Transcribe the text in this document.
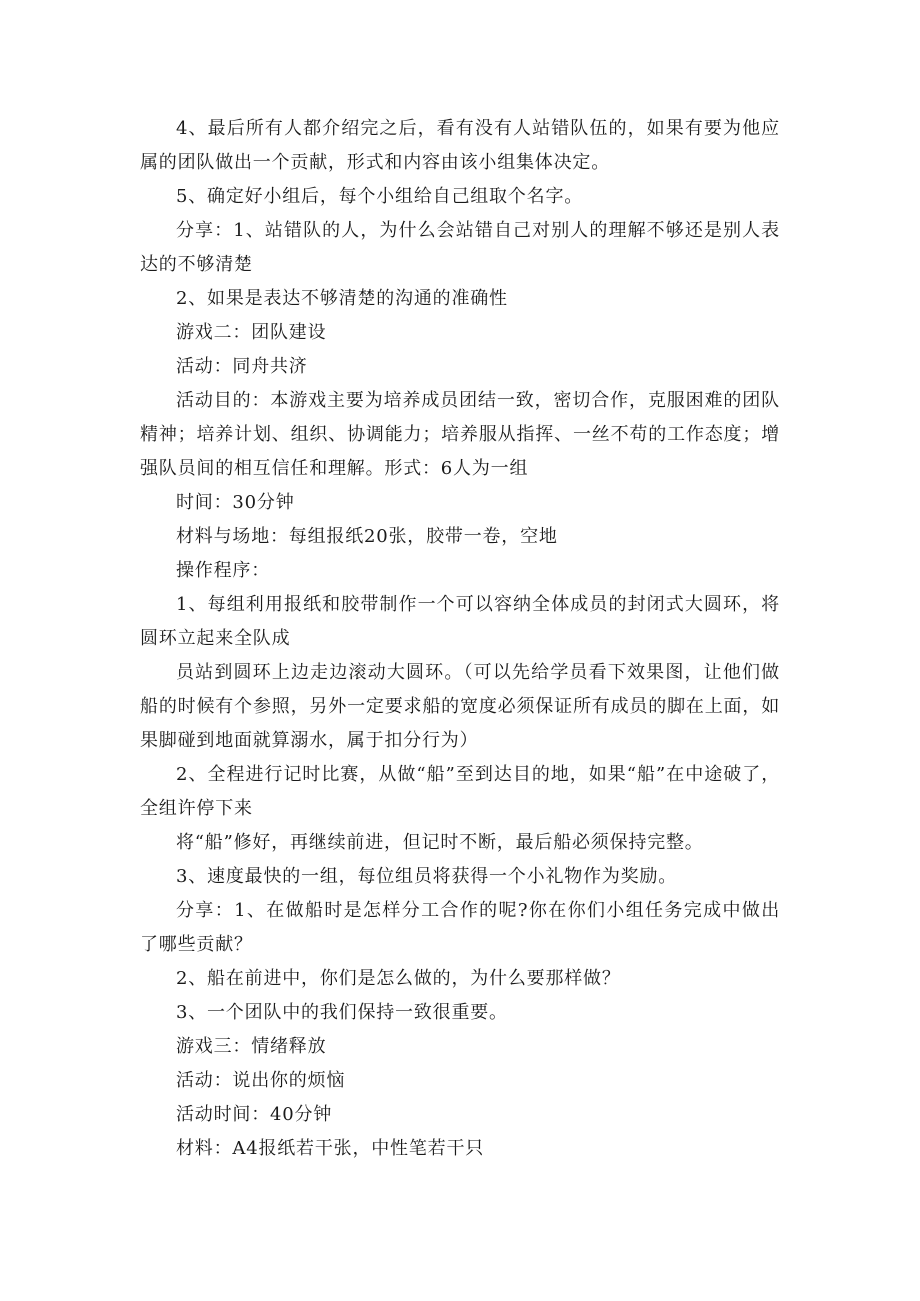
4、最后所有人都介绍完之后，看有没有人站错队伍的，如果有要为他应属的团队做出一个贡献，形式和内容由该小组集体决定。

5、确定好小组后，每个小组给自己组取个名字。

分享：1、站错队的人，为什么会站错自己对别人的理解不够还是别人表达的不够清楚

2、如果是表达不够清楚的沟通的准确性

游戏二：团队建设

活动：同舟共济

活动目的：本游戏主要为培养成员团结一致，密切合作，克服困难的团队精神；培养计划、组织、协调能力；培养服从指挥、一丝不苟的工作态度；增强队员间的相互信任和理解。形式：6人为一组

时间：30分钟

材料与场地：每组报纸20张，胶带一卷，空地

操作程序：

1、每组利用报纸和胶带制作一个可以容纳全体成员的封闭式大圆环，将圆环立起来全队成

员站到圆环上边走边滚动大圆环。（可以先给学员看下效果图，让他们做船的时候有个参照，另外一定要求船的宽度必须保证所有成员的脚在上面，如果脚碰到地面就算溺水，属于扣分行为）

2、全程进行记时比赛，从做“船”至到达目的地，如果“船”在中途破了，全组许停下来

将“船”修好，再继续前进，但记时不断，最后船必须保持完整。

3、速度最快的一组，每位组员将获得一个小礼物作为奖励。

分享：1、在做船时是怎样分工合作的呢?你在你们小组任务完成中做出了哪些贡献？

2、船在前进中，你们是怎么做的，为什么要那样做？

3、一个团队中的我们保持一致很重要。

游戏三：情绪释放

活动：说出你的烦恼

活动时间：40分钟

材料：A4报纸若干张，中性笔若干只
